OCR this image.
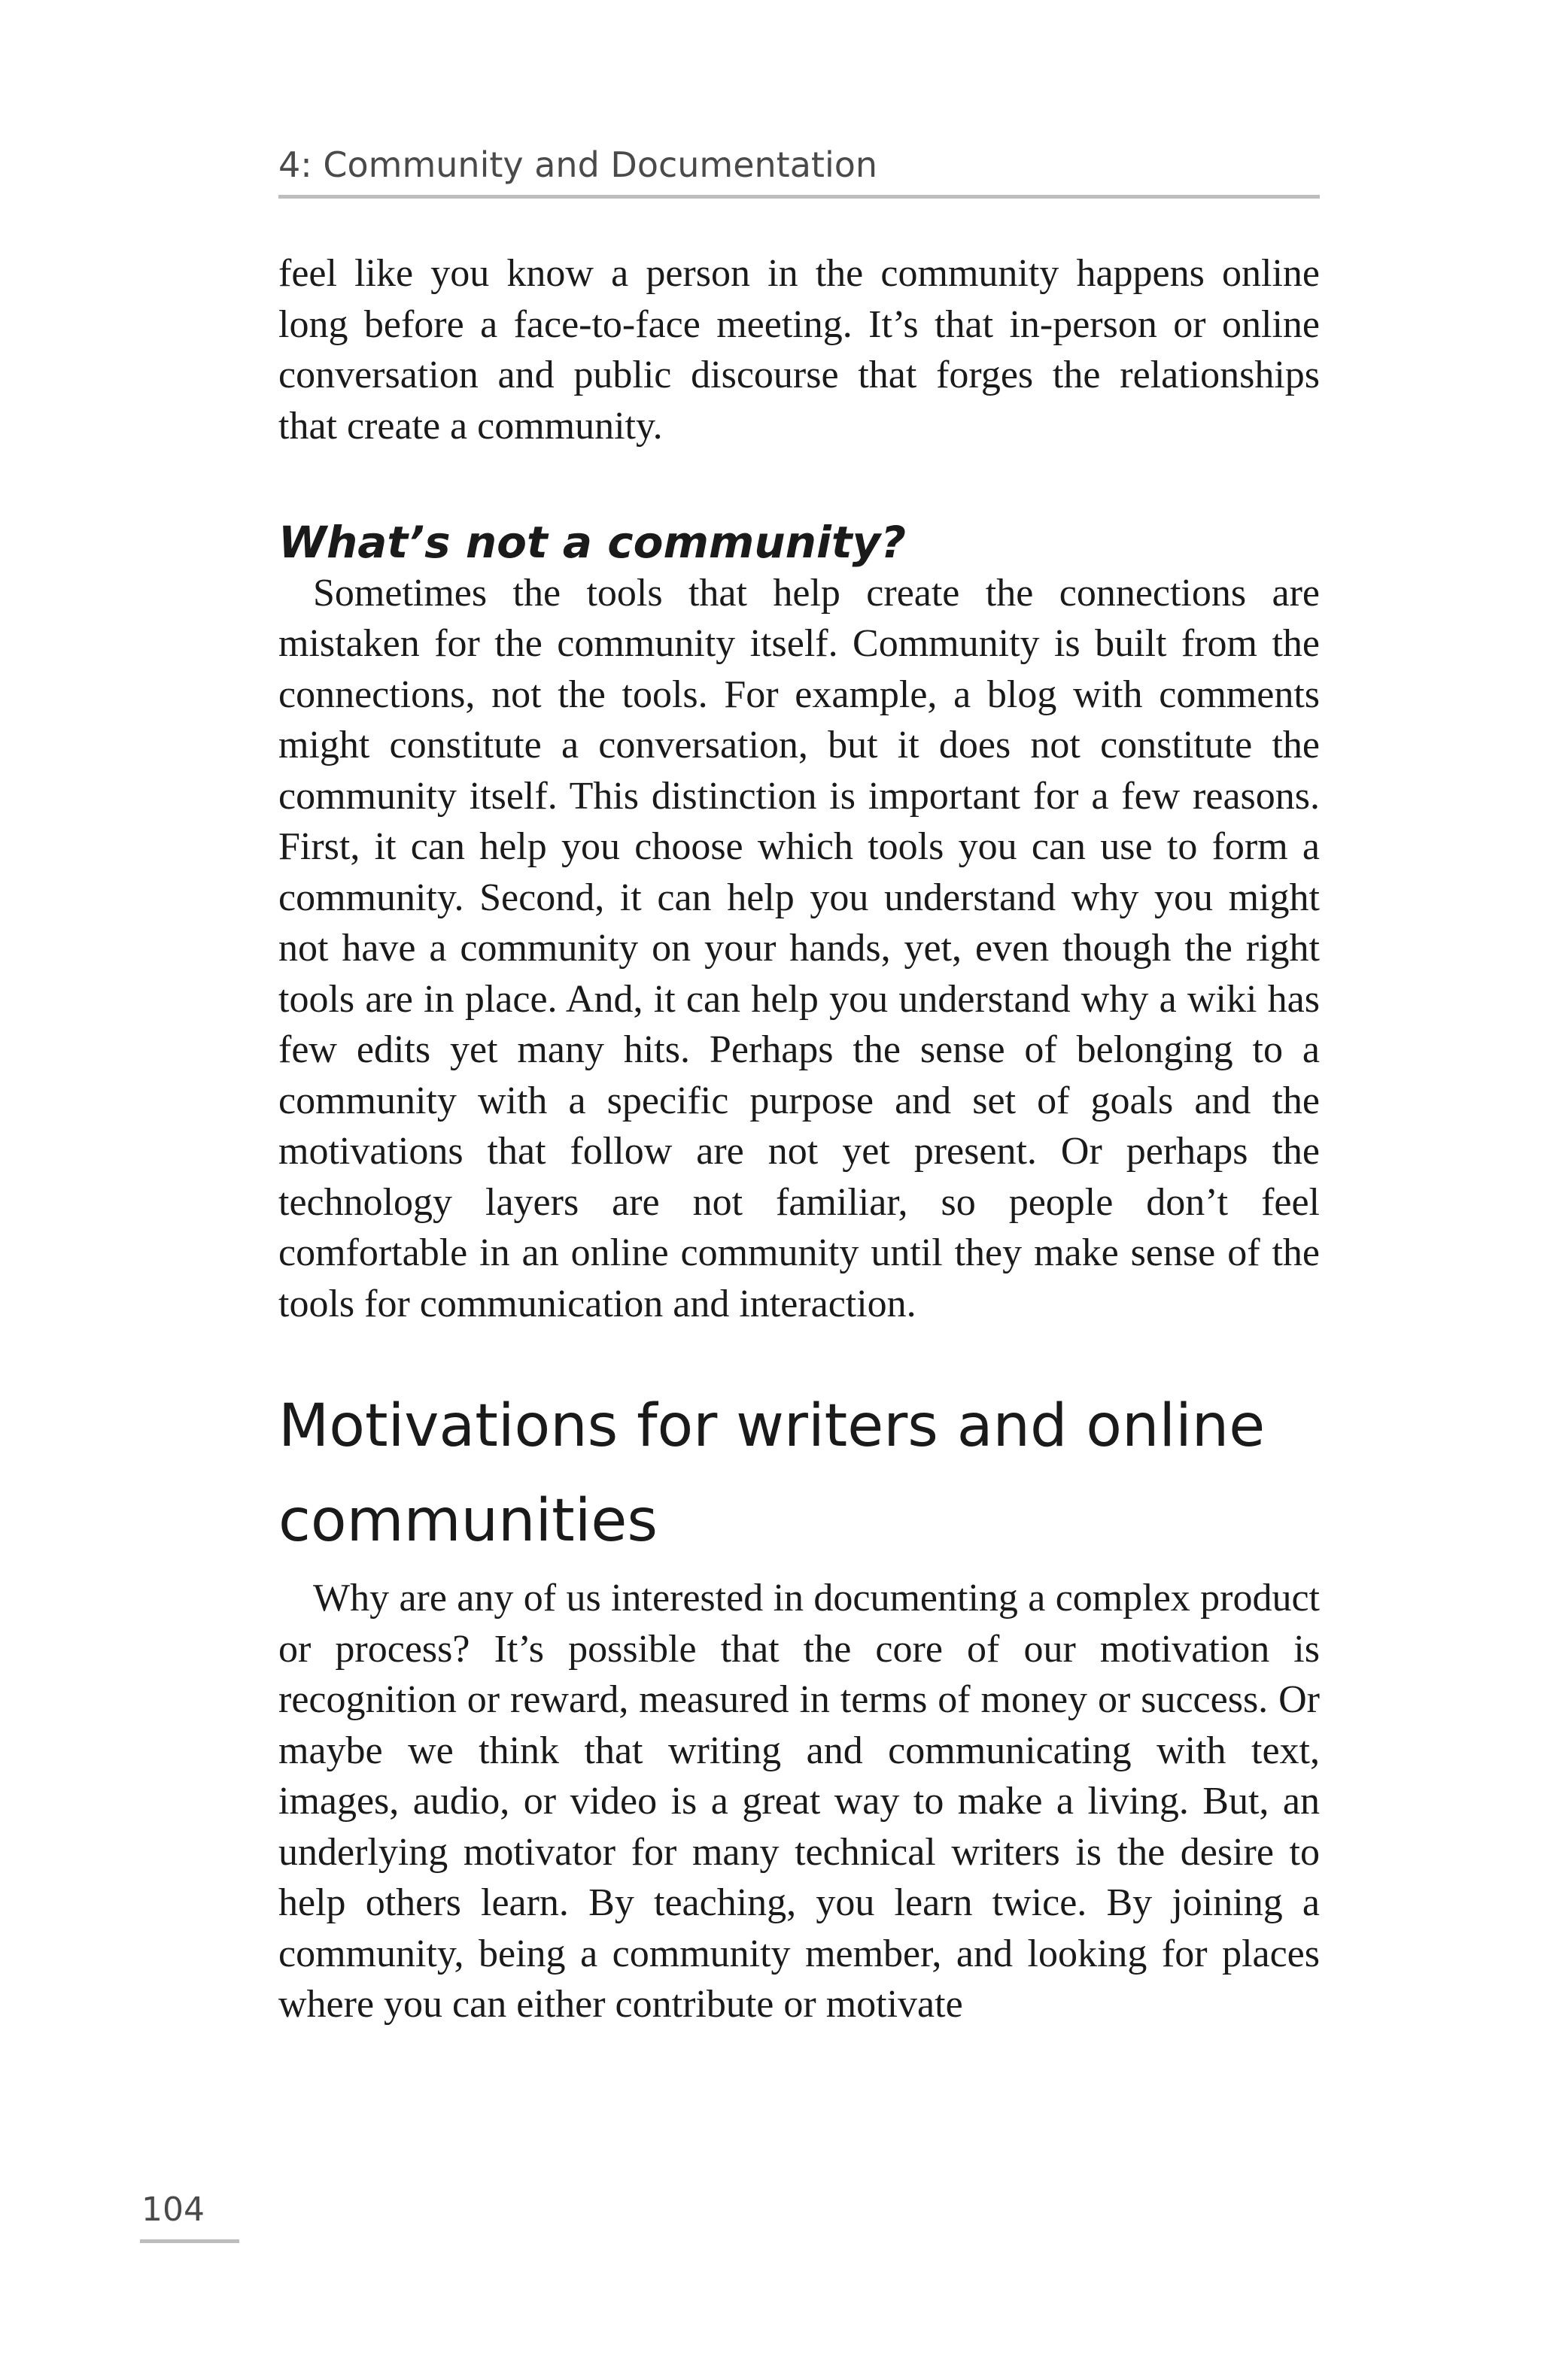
4: Community and Documentation

feel like you know a person in the community happens online long before a face-to-face meeting. It’s that in-person or online conversation and public discourse that forges the relationships that create a community.

What’s not a community?

Sometimes the tools that help create the connections are mistaken for the community itself. Community is built from the connections, not the tools. For example, a blog with comments might constitute a conversation, but it does not constitute the community itself. This distinction is important for a few reasons. First, it can help you choose which tools you can use to form a community. Second, it can help you understand why you might not have a community on your hands, yet, even though the right tools are in place. And, it can help you understand why a wiki has few edits yet many hits. Perhaps the sense of belonging to a community with a specific purpose and set of goals and the motivations that follow are not yet present. Or perhaps the technology layers are not familiar, so people don’t feel comfortable in an online community until they make sense of the tools for communication and interaction.

Motivations for writers and online communities

Why are any of us interested in documenting a complex product or process? It’s possible that the core of our motivation is recognition or reward, measured in terms of money or success. Or maybe we think that writing and communicating with text, images, audio, or video is a great way to make a living. But, an underlying motivator for many technical writers is the desire to help others learn. By teaching, you learn twice. By joining a community, being a community member, and looking for places where you can either contribute or motivate

104
